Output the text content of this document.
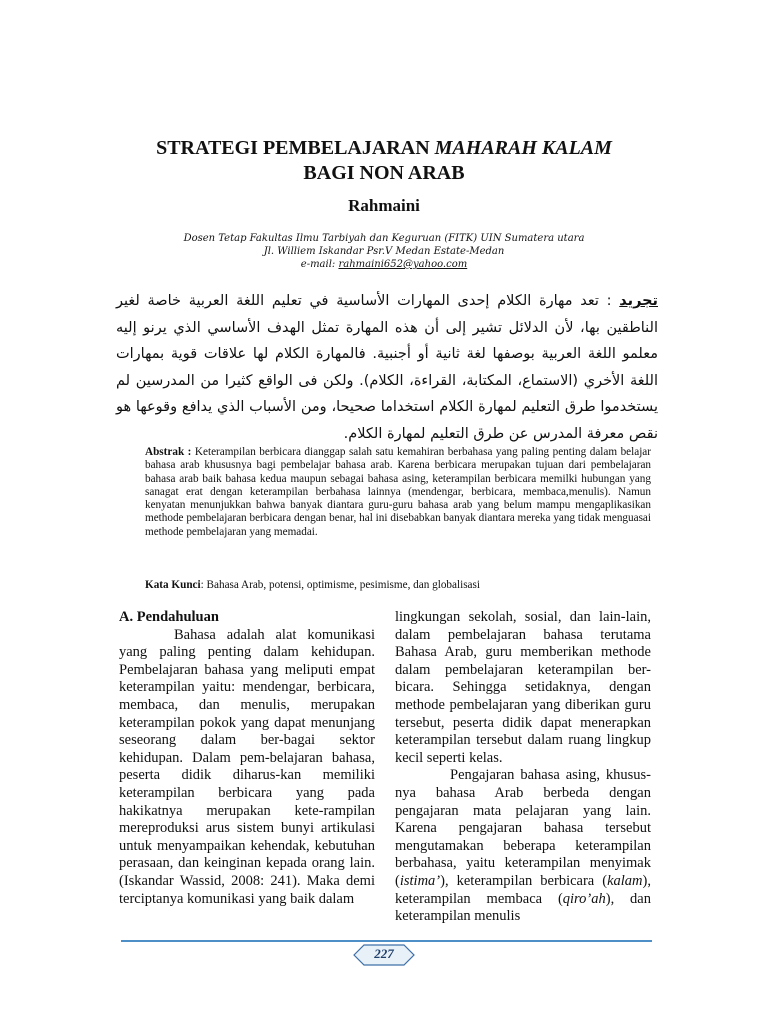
STRATEGI PEMBELAJARAN MAHARAH KALAM
BAGI NON ARAB
Rahmaini
Dosen Tetap Fakultas Ilmu Tarbiyah dan Keguruan (FITK) UIN Sumatera utara
Jl. Williem Iskandar Psr.V Medan Estate-Medan
e-mail: rahmaini652@yahoo.com
تجريد : تعد مهارة الكلام إحدى المهارات الأساسية في تعليم اللغة العربية خاصة لغير الناطقين بها، لأن الدلائل تشير إلى أن هذه المهارة تمثل الهدف الأساسي الذي يرنو إليه معلمو اللغة العربية بوصفها لغة ثانية أو أجنبية. فالمهارة الكلام لها علاقات قوية بمهارات اللغة الأخري (الاستماع، المكتابة، القراءة، الكلام). ولكن فى الواقع كثيرا من المدرسين لم يستخدموا طرق التعليم لمهارة الكلام استخداما صحيحا، ومن الأسباب الذي يدافع وقوعها هو نقص معرفة المدرس عن طرق التعليم لمهارة الكلام.
Abstrak : Keterampilan berbicara dianggap salah satu kemahiran berbahasa yang paling penting dalam belajar bahasa arab khususnya bagi pembelajar bahasa arab. Karena berbicara merupakan tujuan dari pembelajaran bahasa arab baik bahasa kedua maupun sebagai bahasa asing, keterampilan berbicara memilki hubungan yang sanagat erat dengan keterampilan berbahasa lainnya (mendengar, berbicara, membaca,menulis). Namun kenyatan menunjukkan bahwa banyak diantara guru-guru bahasa arab yang belum mampu mengaplikasikan methode pembelajaran berbicara dengan benar, hal ini disebabkan banyak diantara mereka yang tidak menguasai methode pembelajaran yang memadai.
Kata Kunci: Bahasa Arab, potensi, optimisme, pesimisme, dan globalisasi
A. Pendahuluan

Bahasa adalah alat komunikasi yang paling penting dalam kehidupan. Pembelajaran bahasa yang meliputi empat keterampilan yaitu: mendengar, berbicara, membaca, dan menulis, merupakan keterampilan pokok yang dapat menunjang seseorang dalam ber-bagai sektor kehidupan. Dalam pem-belajaran bahasa, peserta didik diharus-kan memiliki keterampilan berbicara yang pada hakikatnya merupakan kete-rampilan mereproduksi arus sistem bunyi artikulasi untuk menyampaikan kehendak, kebutuhan perasaan, dan keinginan kepada orang lain. (Iskandar Wassid, 2008: 241). Maka demi terciptanya komunikasi yang baik dalam

lingkungan sekolah, sosial, dan lain-lain, dalam pembelajaran bahasa terutama Bahasa Arab, guru memberikan methode dalam pembelajaran keterampilan ber-bicara. Sehingga setidaknya, dengan methode pembelajaran yang diberikan guru tersebut, peserta didik dapat menerapkan keterampilan tersebut dalam ruang lingkup kecil seperti kelas.

Pengajaran bahasa asing, khusus-nya bahasa Arab berbeda dengan pengajaran mata pelajaran yang lain. Karena pengajaran bahasa tersebut mengutamakan beberapa keterampilan berbahasa, yaitu keterampilan menyimak (istima’), keterampilan berbicara (kalam), keterampilan membaca (qiro’ah), dan keterampilan menulis

227
